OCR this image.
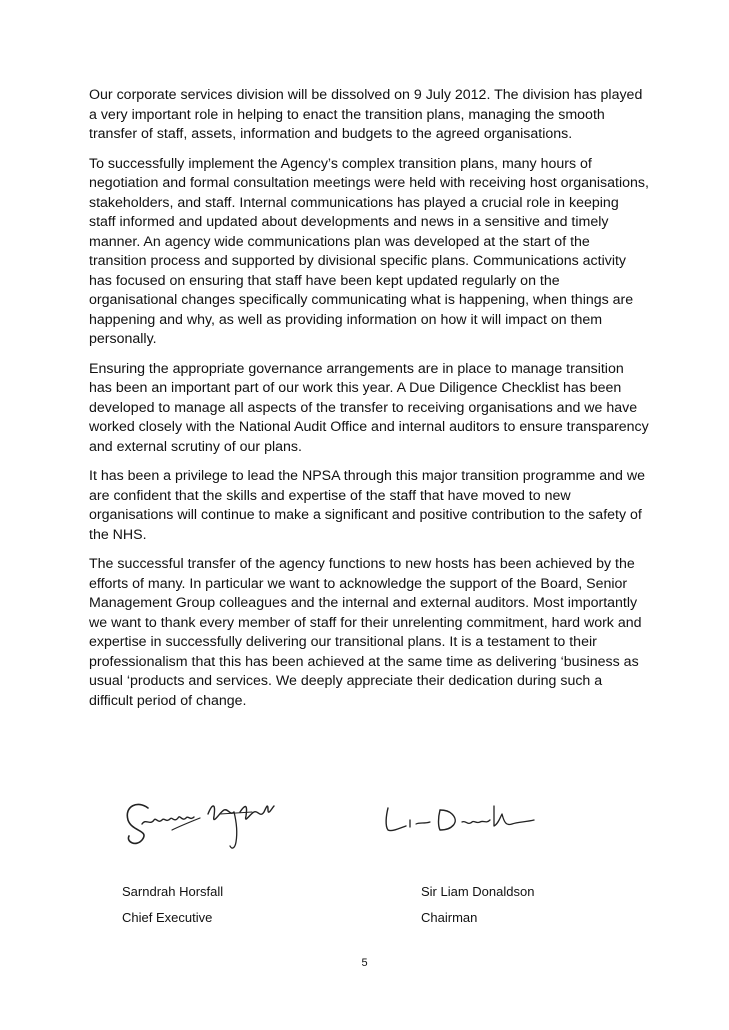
Our corporate services division will be dissolved on 9 July 2012. The division has played a very important role in helping to enact the transition plans, managing the smooth transfer of staff, assets, information and budgets to the agreed organisations.

To successfully implement the Agency’s complex transition plans, many hours of negotiation and formal consultation meetings were held with receiving host organisations, stakeholders, and staff. Internal communications has played a crucial role in keeping staff informed and updated about developments and news in a sensitive and timely manner. An agency wide communications plan was developed at the start of the transition process and supported by divisional specific plans. Communications activity has focused on ensuring that staff have been kept updated regularly on the organisational changes specifically communicating what is happening, when things are happening and why, as well as providing information on how it will impact on them personally.

Ensuring the appropriate governance arrangements are in place to manage transition has been an important part of our work this year. A Due Diligence Checklist has been developed to manage all aspects of the transfer to receiving organisations and we have worked closely with the National Audit Office and internal auditors to ensure transparency and external scrutiny of our plans.

It has been a privilege to lead the NPSA through this major transition programme and we are confident that the skills and expertise of the staff that have moved to new organisations will continue to make a significant and positive contribution to the safety of the NHS.

The successful transfer of the agency functions to new hosts has been achieved by the efforts of many. In particular we want to acknowledge the support of the Board, Senior Management Group colleagues and the internal and external auditors. Most importantly we want to thank every member of staff for their unrelenting commitment, hard work and expertise in successfully delivering our transitional plans. It is a testament to their professionalism that this has been achieved at the same time as delivering ‘business as usual ‘products and services. We deeply appreciate their dedication during such a difficult period of change.

Sarndrah Horsfall
Chief Executive
Sir Liam Donaldson
Chairman
5
